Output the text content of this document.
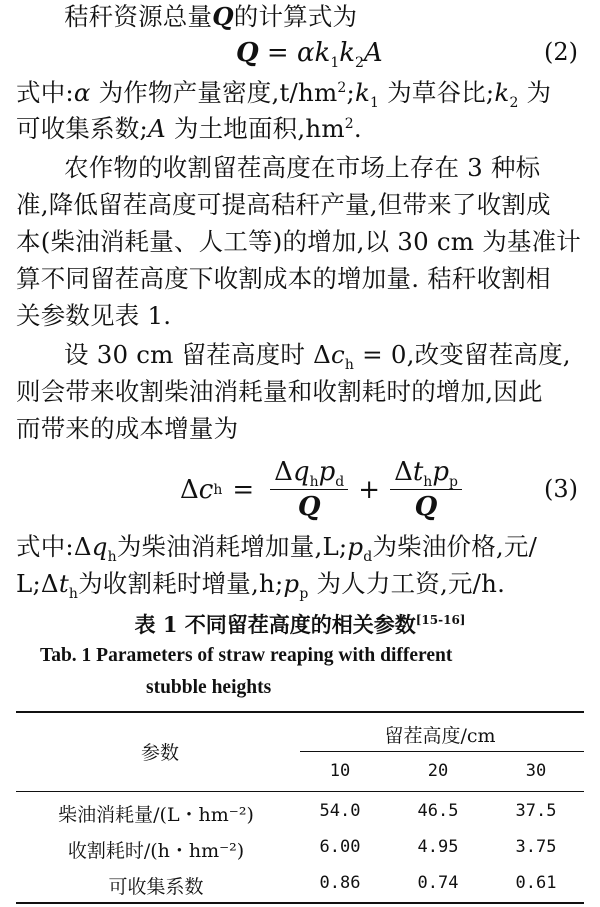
秸秆资源总量Q的计算式为
$Q = \alpha k_1k_2A$	(2)
式中:α 为作物产量密度$,t/hm^2;k_1$ 为草谷比$;k_2$ 为
可收集系数;A 为土地面积$,hm^2$.
农作物的收割留茬高度在市场上存在 3 种标
准,降低留茬高度可提高秸秆产量,但带来了收割成
本(柴油消耗量、人工等)的增加,以 30 cm 为基准计
算不同留茬高度下收割成本的增加量. 秸秆收割相
关参数见表 1.
设 30 cm 留茬高度时 $\Delta c_h = 0$,改变留茬高度,
则会带来收割柴油消耗量和收割耗时的增加,因此
而带来的成本增量为
Δ c $h = \frac{\Delta q_hp_d}{Q} + \frac{\Delta t_hp_p}{Q}$	(3)
式中$:\Delta q_h$为柴油消耗增加量$,L;p_d$为柴油价格,元/
$L;\Delta t_h$为收割耗时增量$,h;p_p$ 为人力工资,元/h.
表 1 不同留茬高度的相关参数[15-16]
Tab. 1 Parameters of straw reaping with different
stubble heights
参数
留茬高度/cm
10	20	30
柴油消耗量/(L・hm⁻²)	54.0	46.5	37.5
收割耗时/(h・hm⁻²)	6.00	4.95	3.75
可收集系数	0.86	0.74	0.61
